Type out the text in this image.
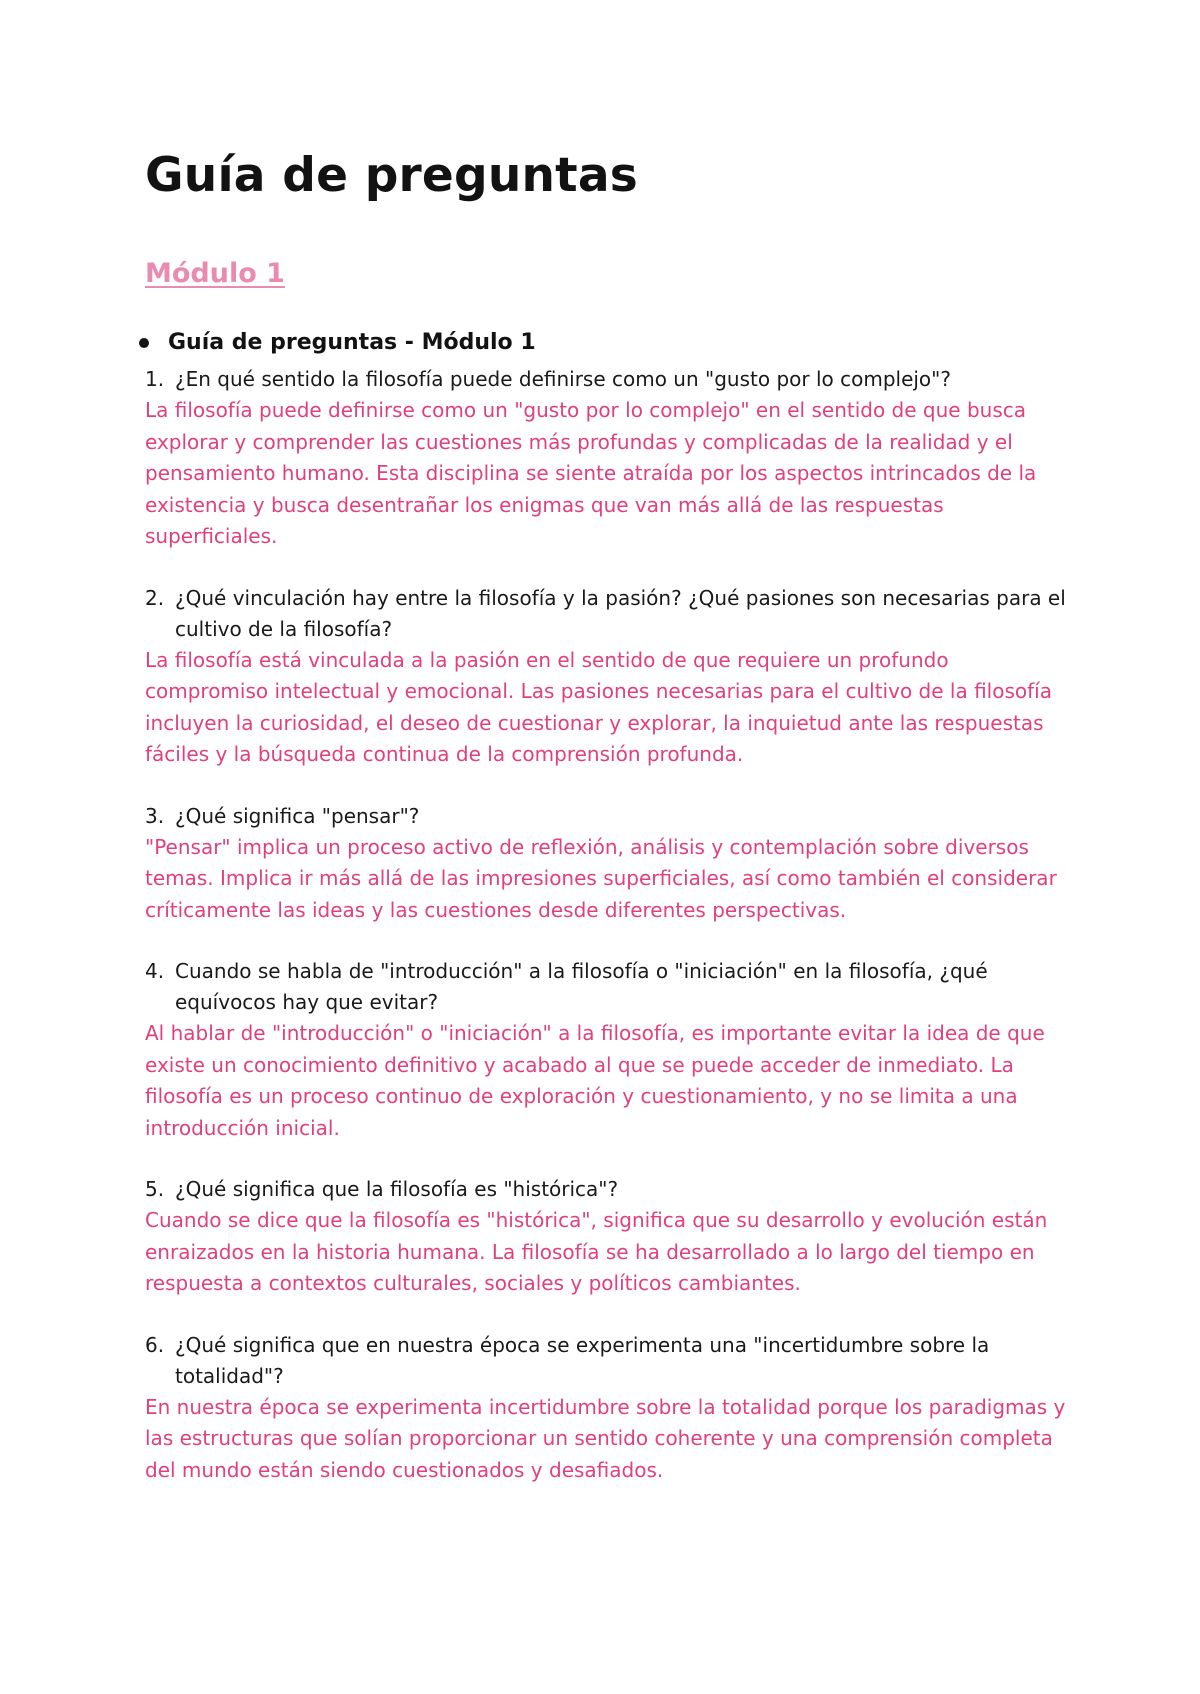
Guía de preguntas
Módulo 1
Guía de preguntas - Módulo 1
1. ¿En qué sentido la filosofía puede definirse como un "gusto por lo complejo"?

La filosofía puede definirse como un "gusto por lo complejo" en el sentido de que busca explorar y comprender las cuestiones más profundas y complicadas de la realidad y el pensamiento humano. Esta disciplina se siente atraída por los aspectos intrincados de la existencia y busca desentrañar los enigmas que van más allá de las respuestas superficiales.

2. ¿Qué vinculación hay entre la filosofía y la pasión? ¿Qué pasiones son necesarias para el cultivo de la filosofía?

La filosofía está vinculada a la pasión en el sentido de que requiere un profundo compromiso intelectual y emocional. Las pasiones necesarias para el cultivo de la filosofía incluyen la curiosidad, el deseo de cuestionar y explorar, la inquietud ante las respuestas fáciles y la búsqueda continua de la comprensión profunda.

3. ¿Qué significa "pensar"?

"Pensar" implica un proceso activo de reflexión, análisis y contemplación sobre diversos temas. Implica ir más allá de las impresiones superficiales, así como también el considerar críticamente las ideas y las cuestiones desde diferentes perspectivas.

4. Cuando se habla de "introducción" a la filosofía o "iniciación" en la filosofía, ¿qué equívocos hay que evitar?

Al hablar de "introducción" o "iniciación" a la filosofía, es importante evitar la idea de que existe un conocimiento definitivo y acabado al que se puede acceder de inmediato. La filosofía es un proceso continuo de exploración y cuestionamiento, y no se limita a una introducción inicial.

5. ¿Qué significa que la filosofía es "histórica"?

Cuando se dice que la filosofía es "histórica", significa que su desarrollo y evolución están enraizados en la historia humana. La filosofía se ha desarrollado a lo largo del tiempo en respuesta a contextos culturales, sociales y políticos cambiantes.

6. ¿Qué significa que en nuestra época se experimenta una "incertidumbre sobre la totalidad"?

En nuestra época se experimenta incertidumbre sobre la totalidad porque los paradigmas y las estructuras que solían proporcionar un sentido coherente y una comprensión completa del mundo están siendo cuestionados y desafiados.
